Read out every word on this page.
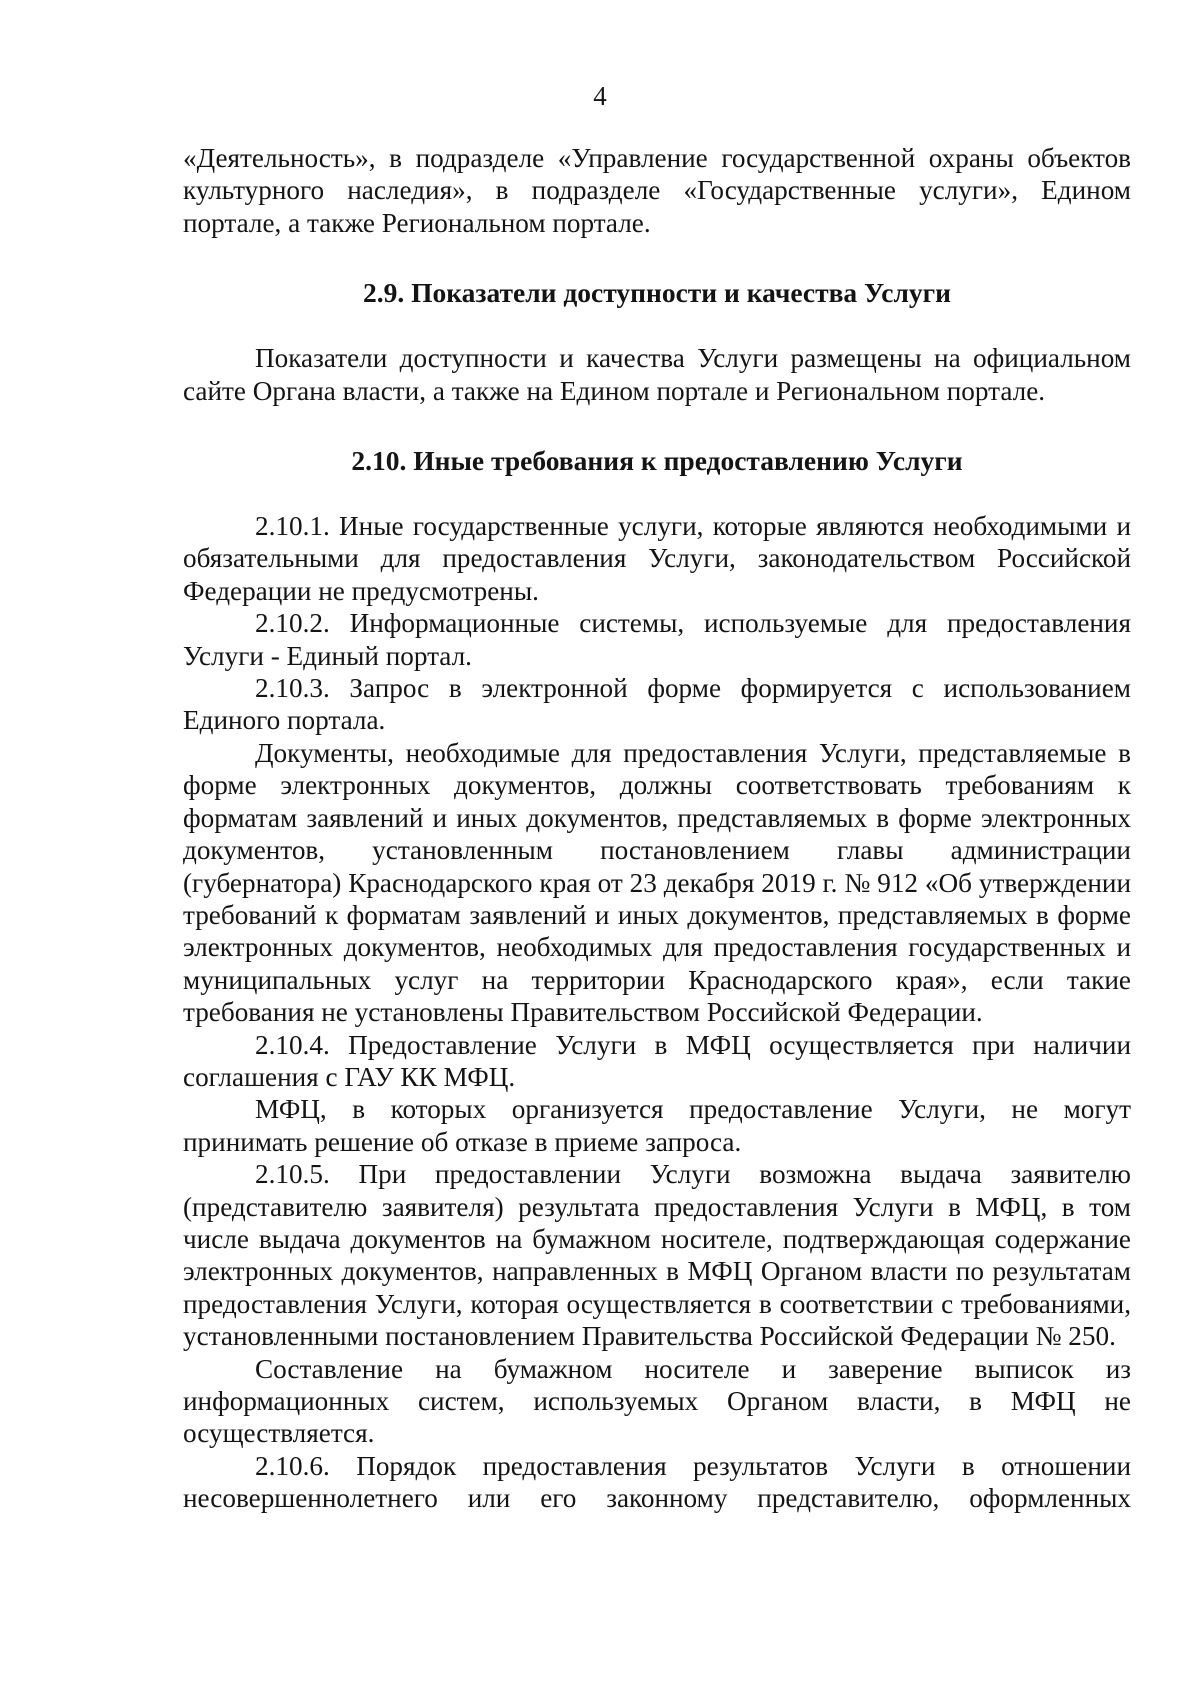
4

«Деятельность», в подразделе «Управление государственной охраны объектов культурного наследия», в подразделе «Государственные услуги», Едином портале, а также Региональном портале.

2.9. Показатели доступности и качества Услуги

Показатели доступности и качества Услуги размещены на официальном сайте Органа власти, а также на Едином портале и Региональном портале.

2.10. Иные требования к предоставлению Услуги

2.10.1. Иные государственные услуги, которые являются необходимыми и обязательными для предоставления Услуги, законодательством Российской Федерации не предусмотрены.

2.10.2. Информационные системы, используемые для предоставления Услуги - Единый портал.

2.10.3. Запрос в электронной форме формируется с использованием Единого портала.

Документы, необходимые для предоставления Услуги, представляемые в форме электронных документов, должны соответствовать требованиям к форматам заявлений и иных документов, представляемых в форме электронных документов, установленным постановлением главы администрации (губернатора) Краснодарского края от 23 декабря 2019 г. № 912 «Об утверждении требований к форматам заявлений и иных документов, представляемых в форме электронных документов, необходимых для предоставления государственных и муниципальных услуг на территории Краснодарского края», если такие требования не установлены Правительством Российской Федерации.

2.10.4. Предоставление Услуги в МФЦ осуществляется при наличии соглашения с ГАУ КК МФЦ.

МФЦ, в которых организуется предоставление Услуги, не могут принимать решение об отказе в приеме запроса.

2.10.5. При предоставлении Услуги возможна выдача заявителю (представителю заявителя) результата предоставления Услуги в МФЦ, в том числе выдача документов на бумажном носителе, подтверждающая содержание электронных документов, направленных в МФЦ Органом власти по результатам предоставления Услуги, которая осуществляется в соответствии с требованиями, установленными постановлением Правительства Российской Федерации № 250.

Составление на бумажном носителе и заверение выписок из информационных систем, используемых Органом власти, в МФЦ не осуществляется.

2.10.6. Порядок предоставления результатов Услуги в отношении несовершеннолетнего или его законному представителю, оформленных
